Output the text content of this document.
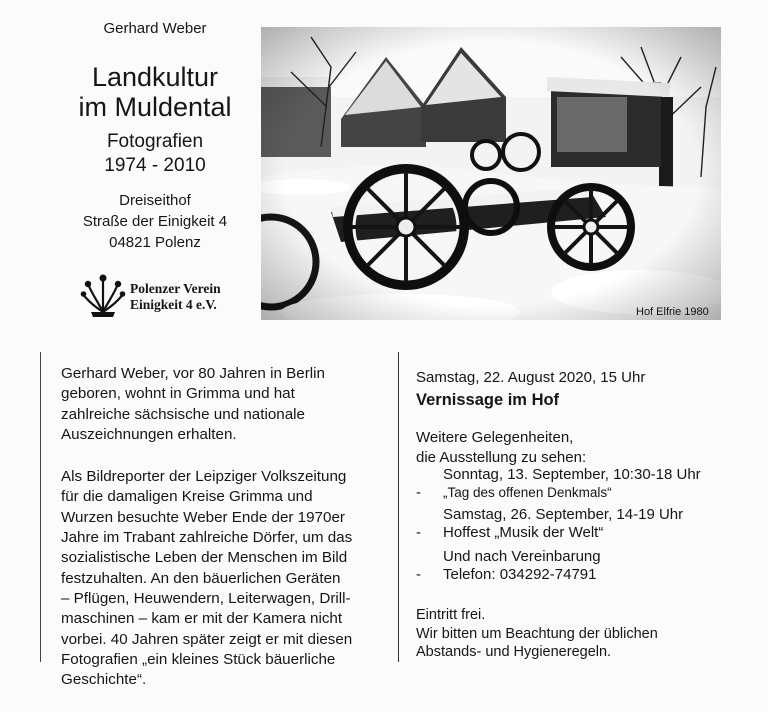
Gerhard Weber
Landkultur
im Muldental
Fotografien
1974 - 2010
Dreiseithof
Straße der Einigkeit 4
04821 Polenz
Polenzer Verein
Einigkeit 4 e.V.	Hof Elfrie 1980

Gerhard Weber, vor 80 Jahren in Berlin
geboren, wohnt in Grimma und hat
zahlreiche sächsische und nationale
Auszeichnungen erhalten.

Als Bildreporter der Leipziger Volkszeitung
für die damaligen Kreise Grimma und
Wurzen besuchte Weber Ende der 1970er
Jahre im Trabant zahlreiche Dörfer, um das
sozialistische Leben der Menschen im Bild
festzuhalten. An den bäuerlichen Geräten
– Pflügen, Heuwendern, Leiterwagen, Drill-
maschinen – kam er mit der Kamera nicht
vorbei. 40 Jahren später zeigt er mit diesen
Fotografien „ein kleines Stück bäuerliche
Geschichte“.

Samstag, 22. August 2020, 15 Uhr
Vernissage im Hof
Weitere Gelegenheiten,
die Ausstellung zu sehen:
-
Sonntag, 13. September, 10:30-18 Uhr
„Tag des offenen Denkmals“
-
Samstag, 26. September, 14-19 Uhr
Hoffest „Musik der Welt“
-
Und nach Vereinbarung
Telefon: 034292-74791
Eintritt frei.
Wir bitten um Beachtung der üblichen
Abstands- und Hygieneregeln.
